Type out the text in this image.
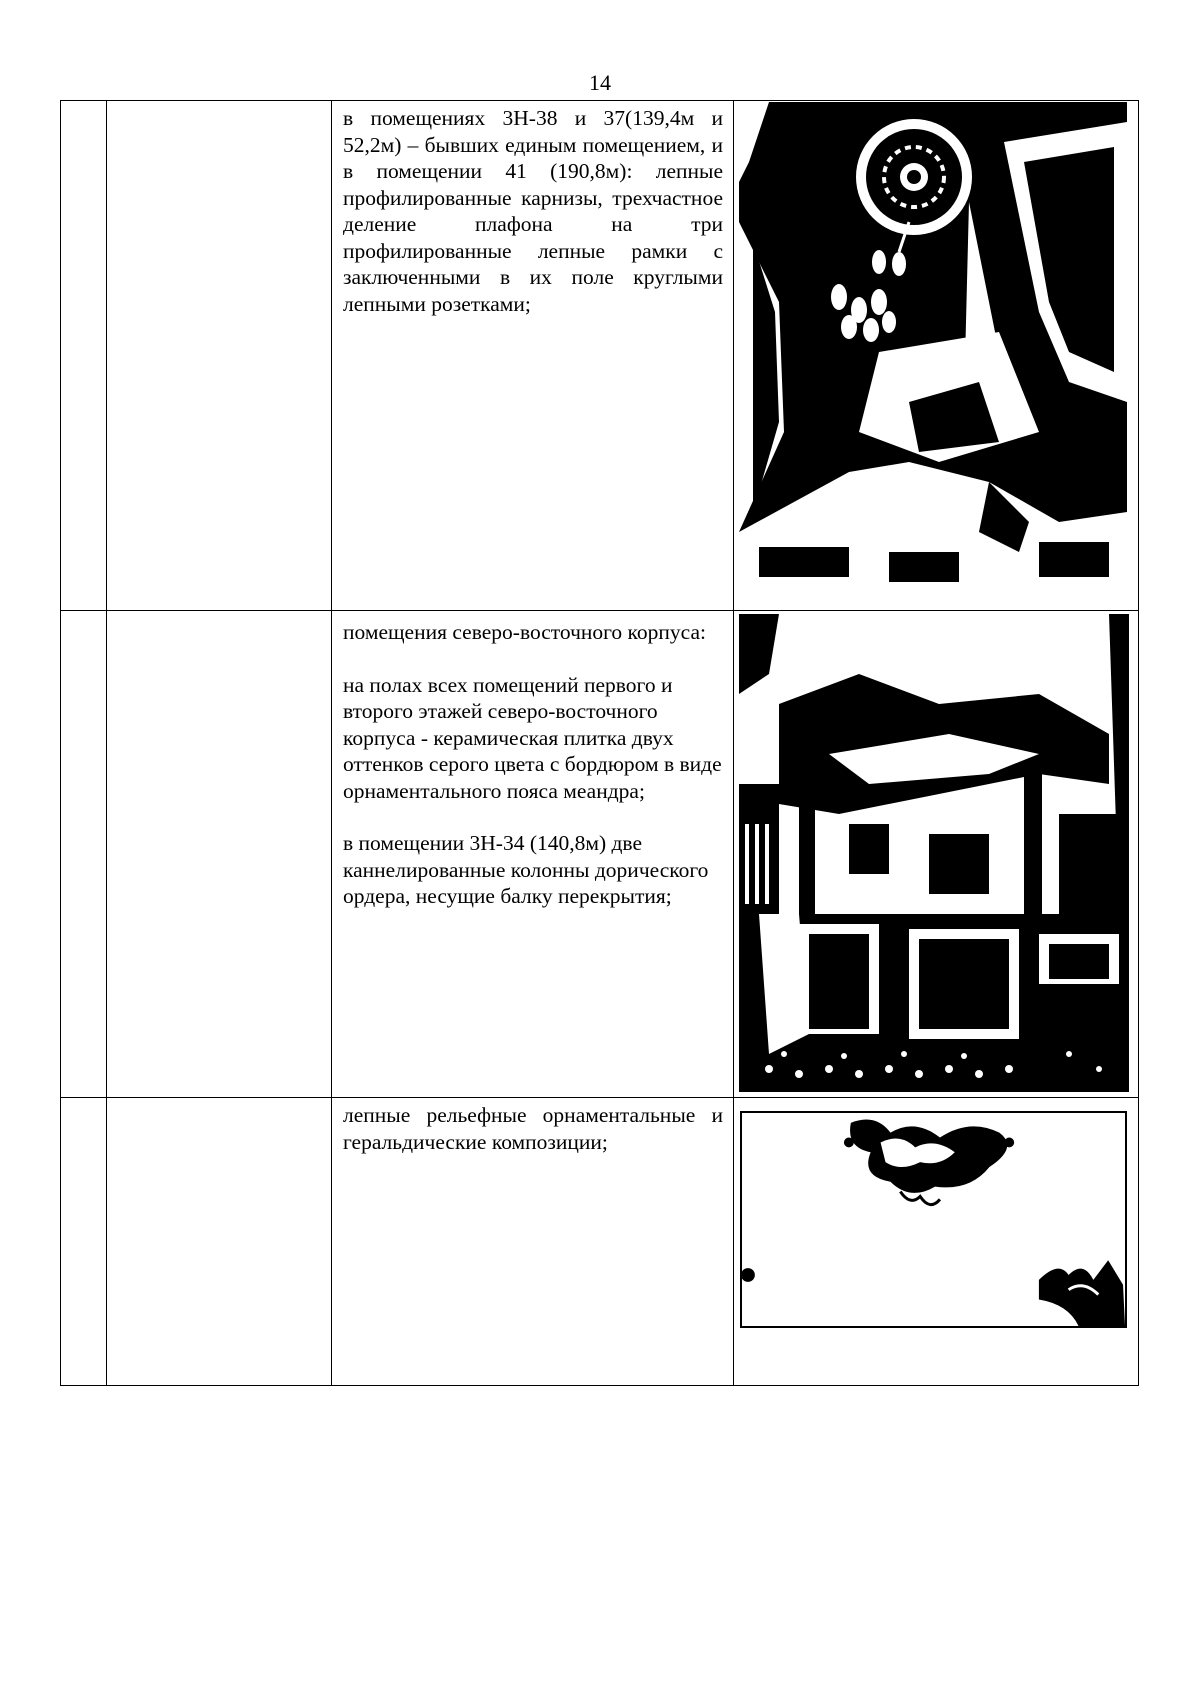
14

		в помещениях 3Н-38 и 37(139,4м и 52,2м) – бывших единым помещением, и в помещении 41 (190,8м): лепные профилированные карнизы, трехчастное деление плафона на три профилированные лепные рамки с заключенными в их поле круглыми лепными розетками;

		помещения северо-восточного корпуса:

на полах всех помещений первого и второго этажей северо-восточного корпуса - керамическая плитка двух оттенков серого цвета с бордюром в виде орнаментального пояса меандра;

в помещении 3Н-34 (140,8м) две каннелированные колонны дорического ордера, несущие балку перекрытия;

		лепные рельефные орнаментальные и геральдические композиции;
